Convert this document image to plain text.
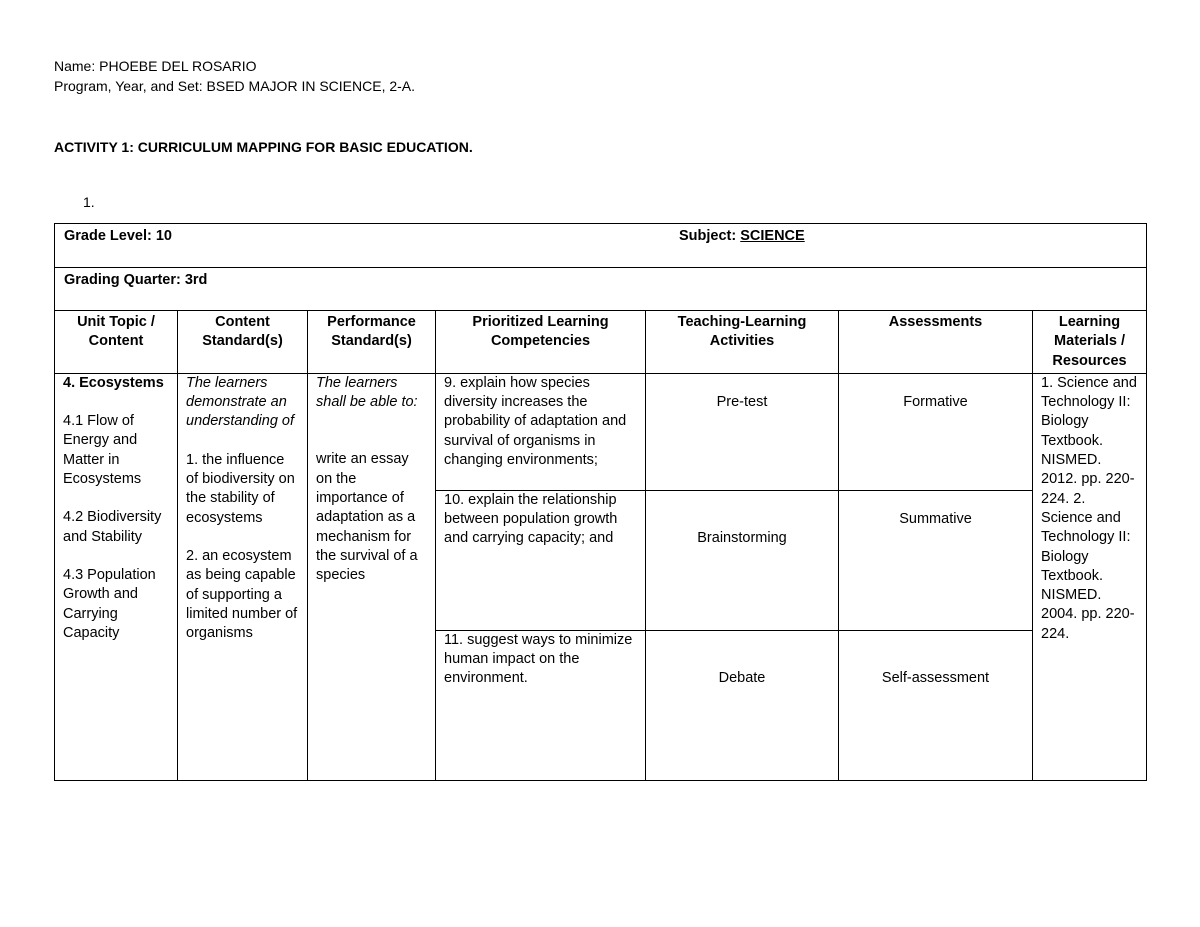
Name: PHOEBE DEL ROSARIO
Program, Year, and Set: BSED MAJOR IN SCIENCE, 2-A.
ACTIVITY 1: CURRICULUM MAPPING FOR BASIC EDUCATION.
1.
Grade Level: 10 Subject: SCIENCE						

Grading Quarter: 3rd						
Unit Topic / Content	Content Standard(s)	Performance Standard(s)	Prioritized Learning Competencies	Teaching-Learning Activities	Assessments	Learning Materials / Resources

4. Ecosystems
4.1 Flow of Energy and Matter in Ecosystems
4.2 Biodiversity and Stability
4.3 Population Growth and Carrying Capacity	The learners demonstrate an understanding of
1. the influence of biodiversity on the stability of ecosystems
2. an ecosystem as being capable of supporting a limited number of organisms	The learners shall be able to:
write an essay on the importance of adaptation as a mechanism for the survival of a species	9. explain how species diversity increases the probability of adaptation and survival of organisms in changing environments;	Pre-test	Formative	1. Science and Technology II: Biology Textbook. NISMED. 2012. pp. 220-224. 2. Science and Technology II: Biology Textbook. NISMED. 2004. pp. 220-224.
			10. explain the relationship between population growth and carrying capacity; and	Brainstorming	Summative	
			11. suggest ways to minimize human impact on the environment.	Debate	Self-assessment	
